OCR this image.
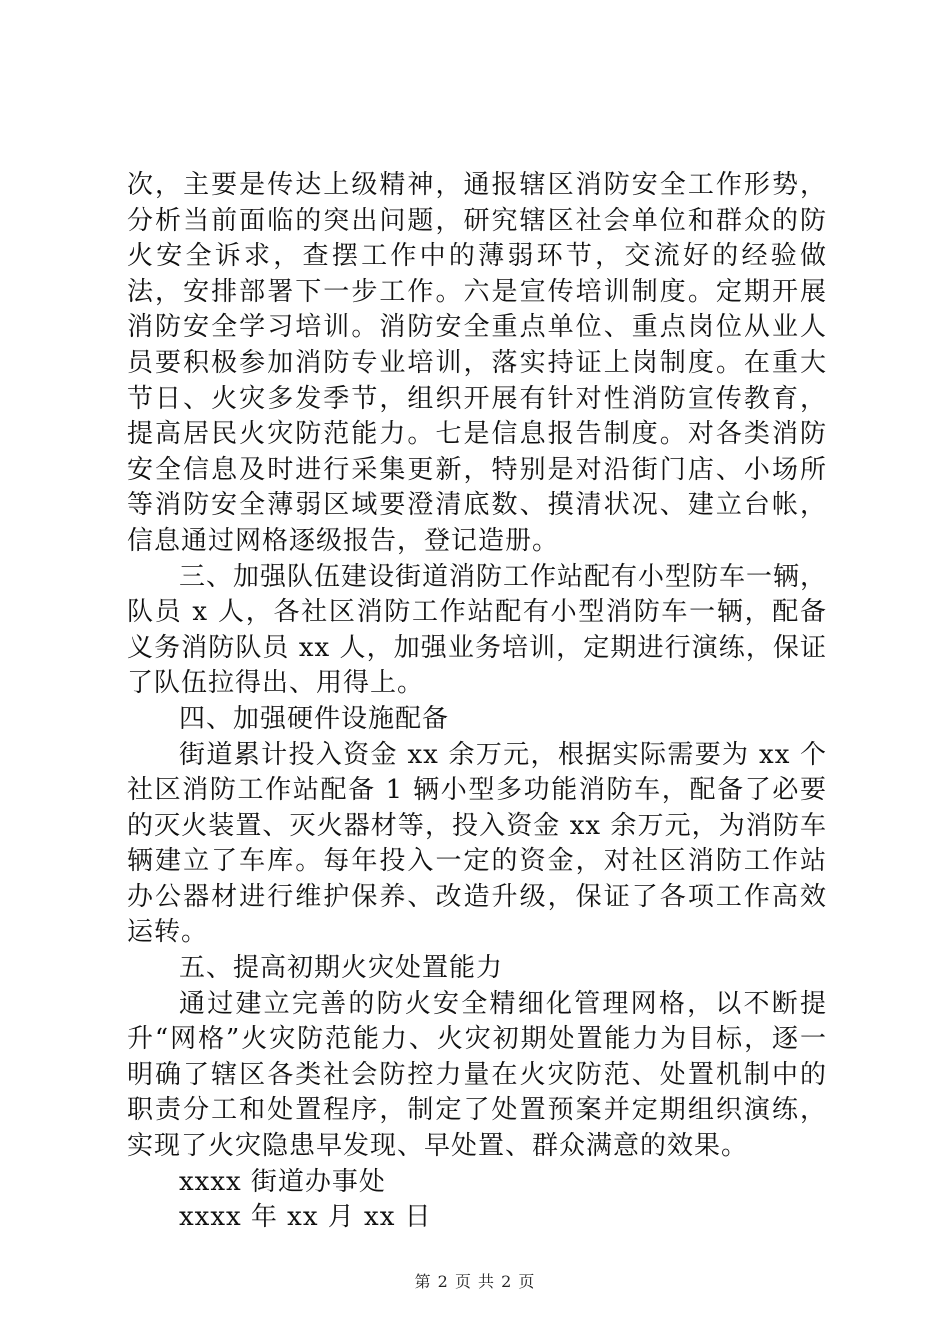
次，主要是传达上级精神，通报辖区消防安全工作形势，分析当前面临的突出问题，研究辖区社会单位和群众的防火安全诉求，查摆工作中的薄弱环节，交流好的经验做法，安排部署下一步工作。六是宣传培训制度。定期开展消防安全学习培训。消防安全重点单位、重点岗位从业人员要积极参加消防专业培训，落实持证上岗制度。在重大节日、火灾多发季节，组织开展有针对性消防宣传教育，提高居民火灾防范能力。七是信息报告制度。对各类消防安全信息及时进行采集更新，特别是对沿街门店、小场所等消防安全薄弱区域要澄清底数、摸清状况、建立台帐，信息通过网格逐级报告，登记造册。

三、加强队伍建设街道消防工作站配有小型防车一辆，队员 x 人，各社区消防工作站配有小型消防车一辆，配备义务消防队员 xx 人，加强业务培训，定期进行演练，保证了队伍拉得出、用得上。

四、加强硬件设施配备

街道累计投入资金 xx 余万元，根据实际需要为 xx 个社区消防工作站配备 1 辆小型多功能消防车，配备了必要的灭火装置、灭火器材等，投入资金 xx 余万元，为消防车辆建立了车库。每年投入一定的资金，对社区消防工作站办公器材进行维护保养、改造升级，保证了各项工作高效运转。

五、提高初期火灾处置能力

通过建立完善的防火安全精细化管理网格，以不断提升“网格”火灾防范能力、火灾初期处置能力为目标，逐一明确了辖区各类社会防控力量在火灾防范、处置机制中的职责分工和处置程序，制定了处置预案并定期组织演练，实现了火灾隐患早发现、早处置、群众满意的效果。

xxxx 街道办事处

xxxx 年 xx 月 xx 日

第 2 页 共 2 页
